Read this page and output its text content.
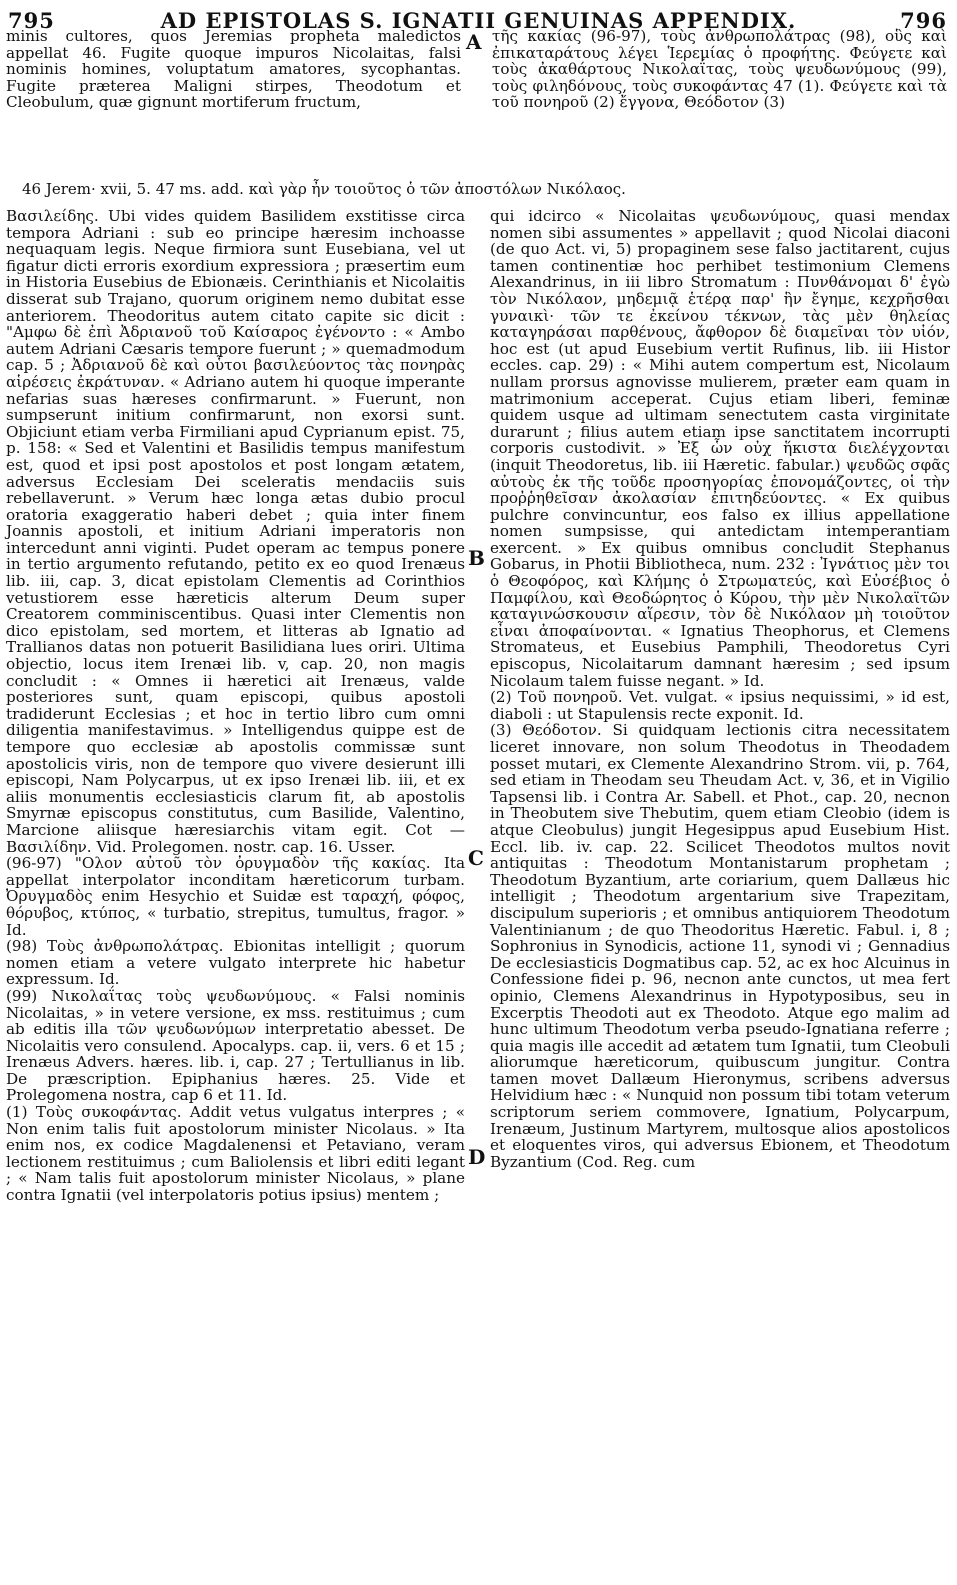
795	AD EPISTOLAS S. IGNATII GENUINAS APPENDIX.	796

minis cultores, quos Jeremias propheta maledictos appellat 46. Fugite quoque impuros Nicolaitas, falsi nominis homines, voluptatum amatores, sycophantas. Fugite præterea Maligni stirpes, Theodotum et Cleobulum, quæ gignunt mortiferum fructum,

τῆς κακίας (96-97), τοὺς ἀνθρωπολάτρας (98), οὓς καὶ ἐπικαταράτους λέγει Ἱερεμίας ὁ προφήτης. Φεύγετε καὶ τοὺς ἀκαθάρτους Νικολαΐτας, τοὺς ψευδωνύμους (99), τοὺς φιληδόνους, τοὺς συκοφάντας 47 (1). Φεύγετε καὶ τὰ τοῦ πονηροῦ (2) ἔγγονα, Θεόδοτον (3)

46 Jerem· xvii, 5. 47 ms. add. καὶ γὰρ ἦν τοιοῦτος ὁ τῶν ἀποστόλων Νικόλαος.

Βασιλείδης. Ubi vides quidem Basilidem exstitisse circa tempora Adriani : sub eo principe hæresim inchoasse nequaquam legis. Neque firmiora sunt Eusebiana, vel ut figatur dicti erroris exordium expressiora ; præsertim eum in Historia Eusebius de Ebionæis. Cerinthianis et Nicolaitis disserat sub Trajano, quorum originem nemo dubitat esse anteriorem. Theodoritus autem citato capite sic dicit : "Αμφω δὲ ἐπὶ Ἀδριανοῦ τοῦ Καίσαρος ἐγένοντο : « Ambo autem Adriani Cæsaris tempore fuerunt ; » quemadmodum cap. 5 ; Ἀδριανοῦ δὲ καὶ οὗτοι βασιλεύοντος τὰς πονηρὰς αἱρέσεις ἐκράτυναν. « Adriano autem hi quoque imperante nefarias suas hæreses confirmarunt. » Fuerunt, non sumpserunt initium confirmarunt, non exorsi sunt. Objiciunt etiam verba Firmiliani apud Cyprianum epist. 75, p. 158: « Sed et Valentini et Basilidis tempus manifestum est, quod et ipsi post apostolos et post longam ætatem, adversus Ecclesiam Dei sceleratis mendaciis suis rebellaverunt. » Verum hæc longa ætas dubio procul oratoria exaggeratio haberi debet ; quia inter finem Joannis apostoli, et initium Adriani imperatoris non intercedunt anni viginti. Pudet operam ac tempus ponere in tertio argumento refutando, petito ex eo quod Irenæus lib. iii, cap. 3, dicat epistolam Clementis ad Corinthios vetustiorem esse hæreticis alterum Deum super Creatorem comminiscentibus. Quasi inter Clementis non dico epistolam, sed mortem, et litteras ab Ignatio ad Trallianos datas non potuerit Basilidiana lues oriri. Ultima objectio, locus item Irenæi lib. v, cap. 20, non magis concludit : « Omnes ii hæretici ait Irenæus, valde posteriores sunt, quam episcopi, quibus apostoli tradiderunt Ecclesias ; et hoc in tertio libro cum omni diligentia manifestavimus. » Intelligendus quippe est de tempore quo ecclesiæ ab apostolis commissæ sunt apostolicis viris, non de tempore quo vivere desierunt illi episcopi, Nam Polycarpus, ut ex ipso Irenæi lib. iii, et ex aliis monumentis ecclesiasticis clarum fit, ab apostolis Smyrnæ episcopus constitutus, cum Basilide, Valentino, Marcione aliisque hæresiarchis vitam egit. Cot — Βασιλίδην. Vid. Prolegomen. nostr. cap. 16. Usser.

(96-97) "Ολον αὐτοῦ τὸν ὀρυγμαδὸν τῆς κακίας. Ita appellat interpolator inconditam hæreticorum turbam. Ὀρυγμαδὸς enim Hesychio et Suidæ est ταραχή, φόφος, θόρυβος, κτύπος, « turbatio, strepitus, tumultus, fragor. » Id.

(98) Τοὺς ἀνθρωπολάτρας. Ebionitas intelligit ; quorum nomen etiam a vetere vulgato interprete hic habetur expressum. Id.

(99) Νικολαΐτας τοὺς ψευδωνύμους. « Falsi nominis Nicolaitas, » in vetere versione, ex mss. restituimus ; cum ab editis illa τῶν ψευδωνύμων interpretatio abesset. De Nicolaitis vero consulend. Apocalyps. cap. ii, vers. 6 et 15 ; Irenæus Advers. hæres. lib. i, cap. 27 ; Tertullianus in lib. De præscription. Epiphanius hæres. 25. Vide et Prolegomena nostra, cap 6 et 11. Id.

(1) Τοὺς συκοφάντας. Addit vetus vulgatus interpres ; « Non enim talis fuit apostolorum minister Nicolaus. » Ita enim nos, ex codice Magdalenensi et Petaviano, veram lectionem restituimus ; cum Baliolensis et libri editi legant ; « Nam talis fuit apostolorum minister Nicolaus, » plane contra Ignatii (vel interpolatoris potius ipsius) mentem ;

qui idcirco « Nicolaitas ψευδωνύμους, quasi mendax nomen sibi assumentes » appellavit ; quod Nicolai diaconi (de quo Act. vi, 5) propaginem sese falso jactitarent, cujus tamen continentiæ hoc perhibet testimonium Clemens Alexandrinus, in iii libro Stromatum : Πυνθάνομαι δ' ἐγὼ τὸν Νικόλαον, μηδεμιᾷ ἑτέρᾳ παρ' ἣν ἔγημε, κεχρῆσθαι γυναικὶ· τῶν τε ἐκείνου τέκνων, τὰς μὲν θηλείας καταγηράσαι παρθένους, ἄφθορον δὲ διαμεῖναι τὸν υἱόν, hoc est (ut apud Eusebium vertit Rufinus, lib. iii Histor eccles. cap. 29) : « Mihi autem compertum est, Nicolaum nullam prorsus agnovisse mulierem, præter eam quam in matrimonium acceperat. Cujus etiam liberi, feminæ quidem usque ad ultimam senectutem casta virginitate durarunt ; filius autem etiam ipse sanctitatem incorrupti corporis custodivit. » Ἐξ ὧν οὐχ ἥκιστα διελέγχονται (inquit Theodoretus, lib. iii Hæretic. fabular.) ψευδῶς σφᾶς αὐτοὺς ἐκ τῆς τοῦδε προσηγορίας ἐπονομάζοντες, οἱ τὴν προῤῥηθεῖσαν ἀκολασίαν ἐπιτηδεύοντες. « Ex quibus pulchre convincuntur, eos falso ex illius appellatione nomen sumpsisse, qui antedictam intemperantiam exercent. » Ex quibus omnibus concludit Stephanus Gobarus, in Photii Bibliotheca, num. 232 : Ἰγνάτιος μὲν τοι ὁ Θεοφόρος, καὶ Κλήμης ὁ Στρωματεύς, καὶ Εὐσέβιος ὁ Παμφίλου, καὶ Θεοδώρητος ὁ Κύρου, τὴν μὲν Νικολαϊτῶν καταγινώσκουσιν αἵρεσιν, τὸν δὲ Νικόλαον μὴ τοιοῦτον εἶναι ἀποφαίνονται. « Ignatius Theophorus, et Clemens Stromateus, et Eusebius Pamphili, Theodoretus Cyri episcopus, Nicolaitarum damnant hæresim ; sed ipsum Nicolaum talem fuisse negant. » Id.

(2) Τοῦ πονηροῦ. Vet. vulgat. « ipsius nequissimi, » id est, diaboli : ut Stapulensis recte exponit. Id.

(3) Θεόδοτον. Si quidquam lectionis citra necessitatem liceret innovare, non solum Theodotus in Theodadem posset mutari, ex Clemente Alexandrino Strom. vii, p. 764, sed etiam in Theodam seu Theudam Act. v, 36, et in Vigilio Tapsensi lib. i Contra Ar. Sabell. et Phot., cap. 20, necnon in Theobutem sive Thebutim, quem etiam Cleobio (idem is atque Cleobulus) jungit Hegesippus apud Eusebium Hist. Eccl. lib. iv. cap. 22. Scilicet Theodotos multos novit antiquitas : Theodotum Montanistarum prophetam ; Theodotum Byzantium, arte coriarium, quem Dallæus hic intelligit ; Theodotum argentarium sive Trapezitam, discipulum superioris ; et omnibus antiquiorem Theodotum Valentinianum ; de quo Theodoritus Hæretic. Fabul. i, 8 ; Sophronius in Synodicis, actione 11, synodi vi ; Gennadius De ecclesiasticis Dogmatibus cap. 52, ac ex hoc Alcuinus in Confessione fidei p. 96, necnon ante cunctos, ut mea fert opinio, Clemens Alexandrinus in Hypotyposibus, seu in Excerptis Theodoti aut ex Theodoto. Atque ego malim ad hunc ultimum Theodotum verba pseudo-Ignatiana referre ; quia magis ille accedit ad ætatem tum Ignatii, tum Cleobuli aliorumque hæreticorum, quibuscum jungitur. Contra tamen movet Dallæum Hieronymus, scribens adversus Helvidium hæc : « Nunquid non possum tibi totam veterum scriptorum seriem commovere, Ignatium, Polycarpum, Irenæum, Justinum Martyrem, multosque alios apostolicos et eloquentes viros, qui adversus Ebionem, et Theodotum Byzantium (Cod. Reg. cum

A
B
C
D
